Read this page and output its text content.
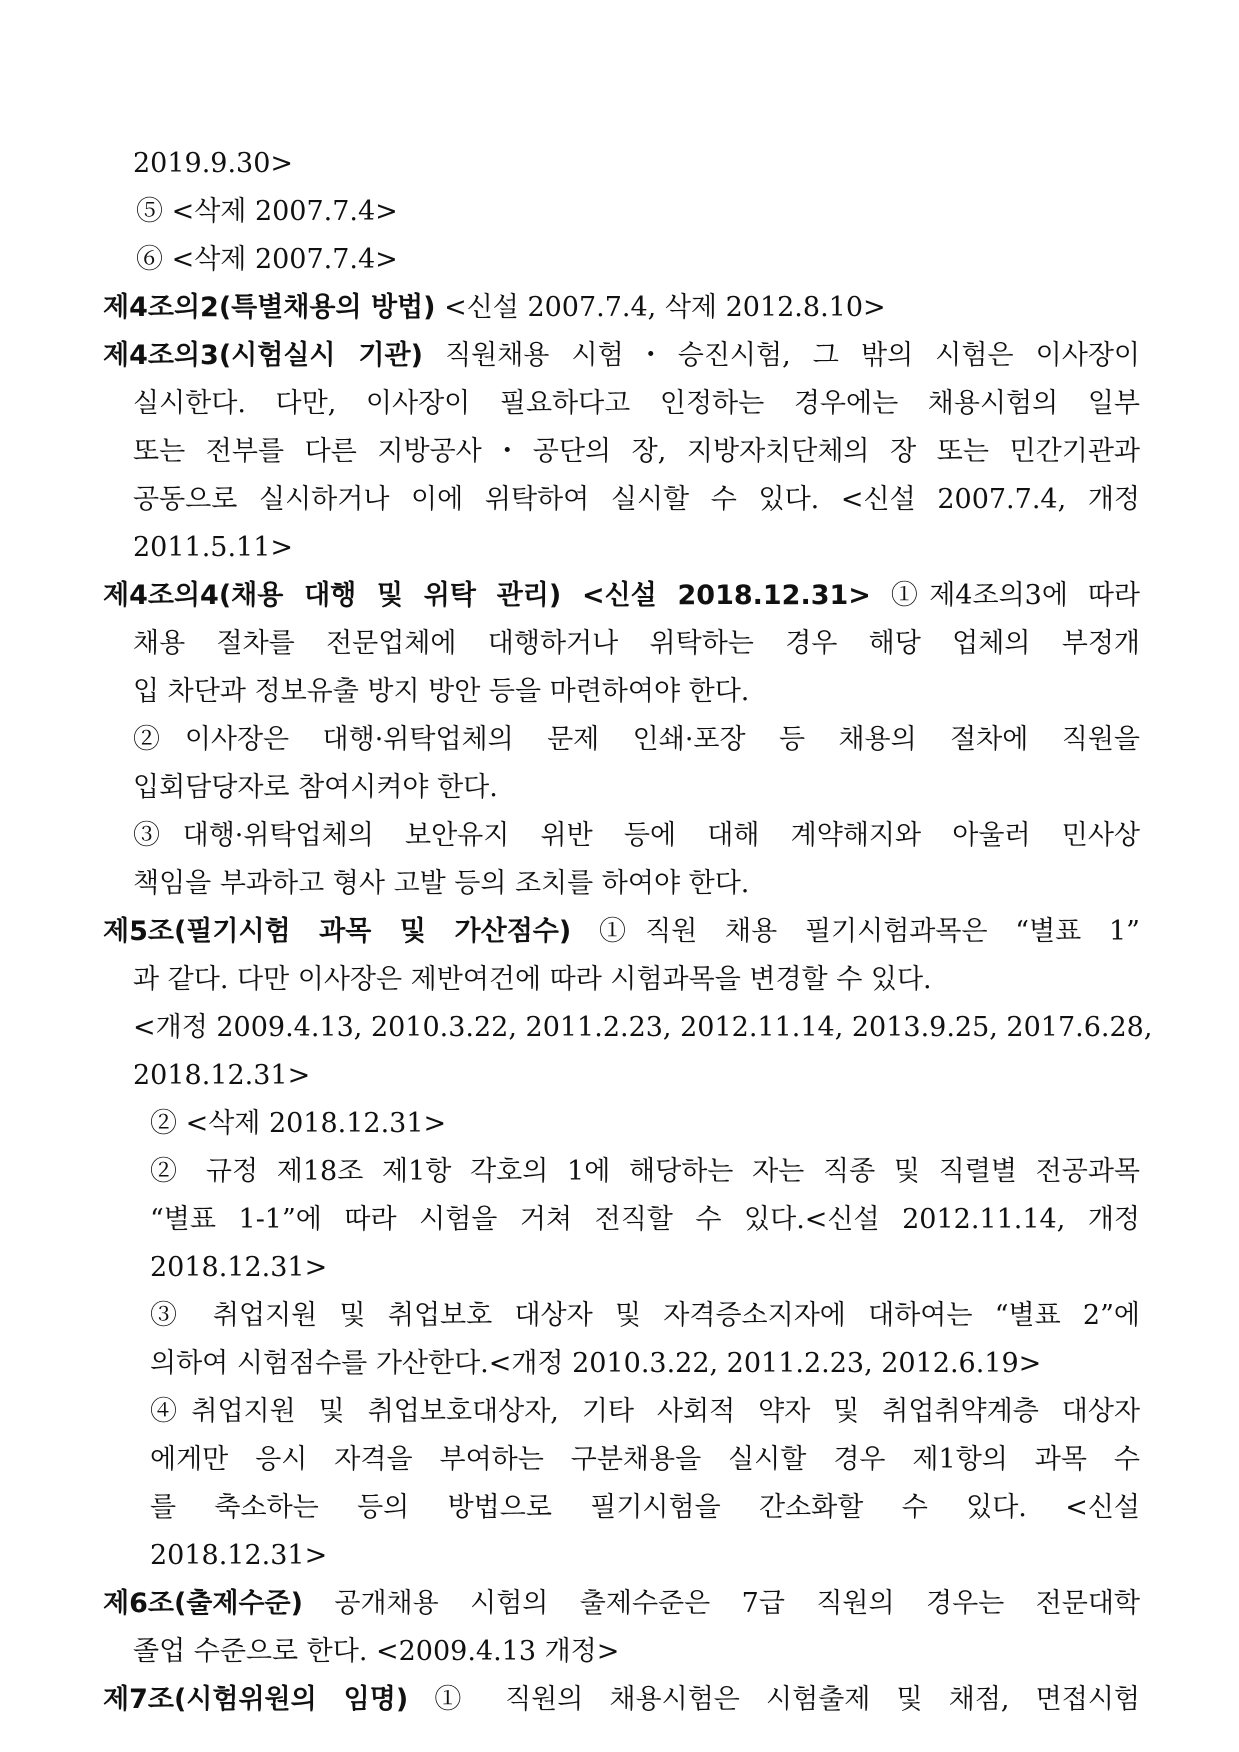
2019.9.30>
⑤ <삭제 2007.7.4>
⑥ <삭제 2007.7.4>
제4조의2(특별채용의 방법) <신설 2007.7.4, 삭제 2012.8.10>
제4조의3(시험실시 기관) 직원채용 시험・승진시험, 그 밖의 시험은 이사장이
실시한다. 다만, 이사장이 필요하다고 인정하는 경우에는 채용시험의 일부
또는 전부를 다른 지방공사・공단의 장, 지방자치단체의 장 또는 민간기관과
공동으로 실시하거나 이에 위탁하여 실시할 수 있다. <신설 2007.7.4, 개정
2011.5.11>
제4조의4(채용 대행 및 위탁 관리) <신설 2018.12.31> ①제4조의3에 따라
채용 절차를 전문업체에 대행하거나 위탁하는 경우 해당 업체의 부정개
입 차단과 정보유출 방지 방안 등을 마련하여야 한다.
②이사장은 대행·위탁업체의 문제 인쇄·포장 등 채용의 절차에 직원을
입회담당자로 참여시켜야 한다.
③대행·위탁업체의 보안유지 위반 등에 대해 계약해지와 아울러 민사상
책임을 부과하고 형사 고발 등의 조치를 하여야 한다.
제5조(필기시험 과목 및 가산점수) ①직원 채용 필기시험과목은 “별표 1”
과 같다. 다만 이사장은 제반여건에 따라 시험과목을 변경할 수 있다.
<개정 2009.4.13, 2010.3.22, 2011.2.23, 2012.11.14, 2013.9.25, 2017.6.28,
2018.12.31>
② <삭제 2018.12.31>
② 규정 제18조 제1항 각호의 1에 해당하는 자는 직종 및 직렬별 전공과목
“별표 1-1”에 따라 시험을 거쳐 전직할 수 있다.<신설 2012.11.14, 개정
2018.12.31>
③ 취업지원 및 취업보호 대상자 및 자격증소지자에 대하여는 “별표 2”에
의하여 시험점수를 가산한다.<개정 2010.3.22, 2011.2.23, 2012.6.19>
④취업지원 및 취업보호대상자, 기타 사회적 약자 및 취업취약계층 대상자
에게만 응시 자격을 부여하는 구분채용을 실시할 경우 제1항의 과목 수
를 축소하는 등의 방법으로 필기시험을 간소화할 수 있다. <신설
2018.12.31>
제6조(출제수준) 공개채용 시험의 출제수준은 7급 직원의 경우는 전문대학
졸업 수준으로 한다. <2009.4.13 개정>
제7조(시험위원의 임명) ① 직원의 채용시험은 시험출제 및 채점, 면접시험
